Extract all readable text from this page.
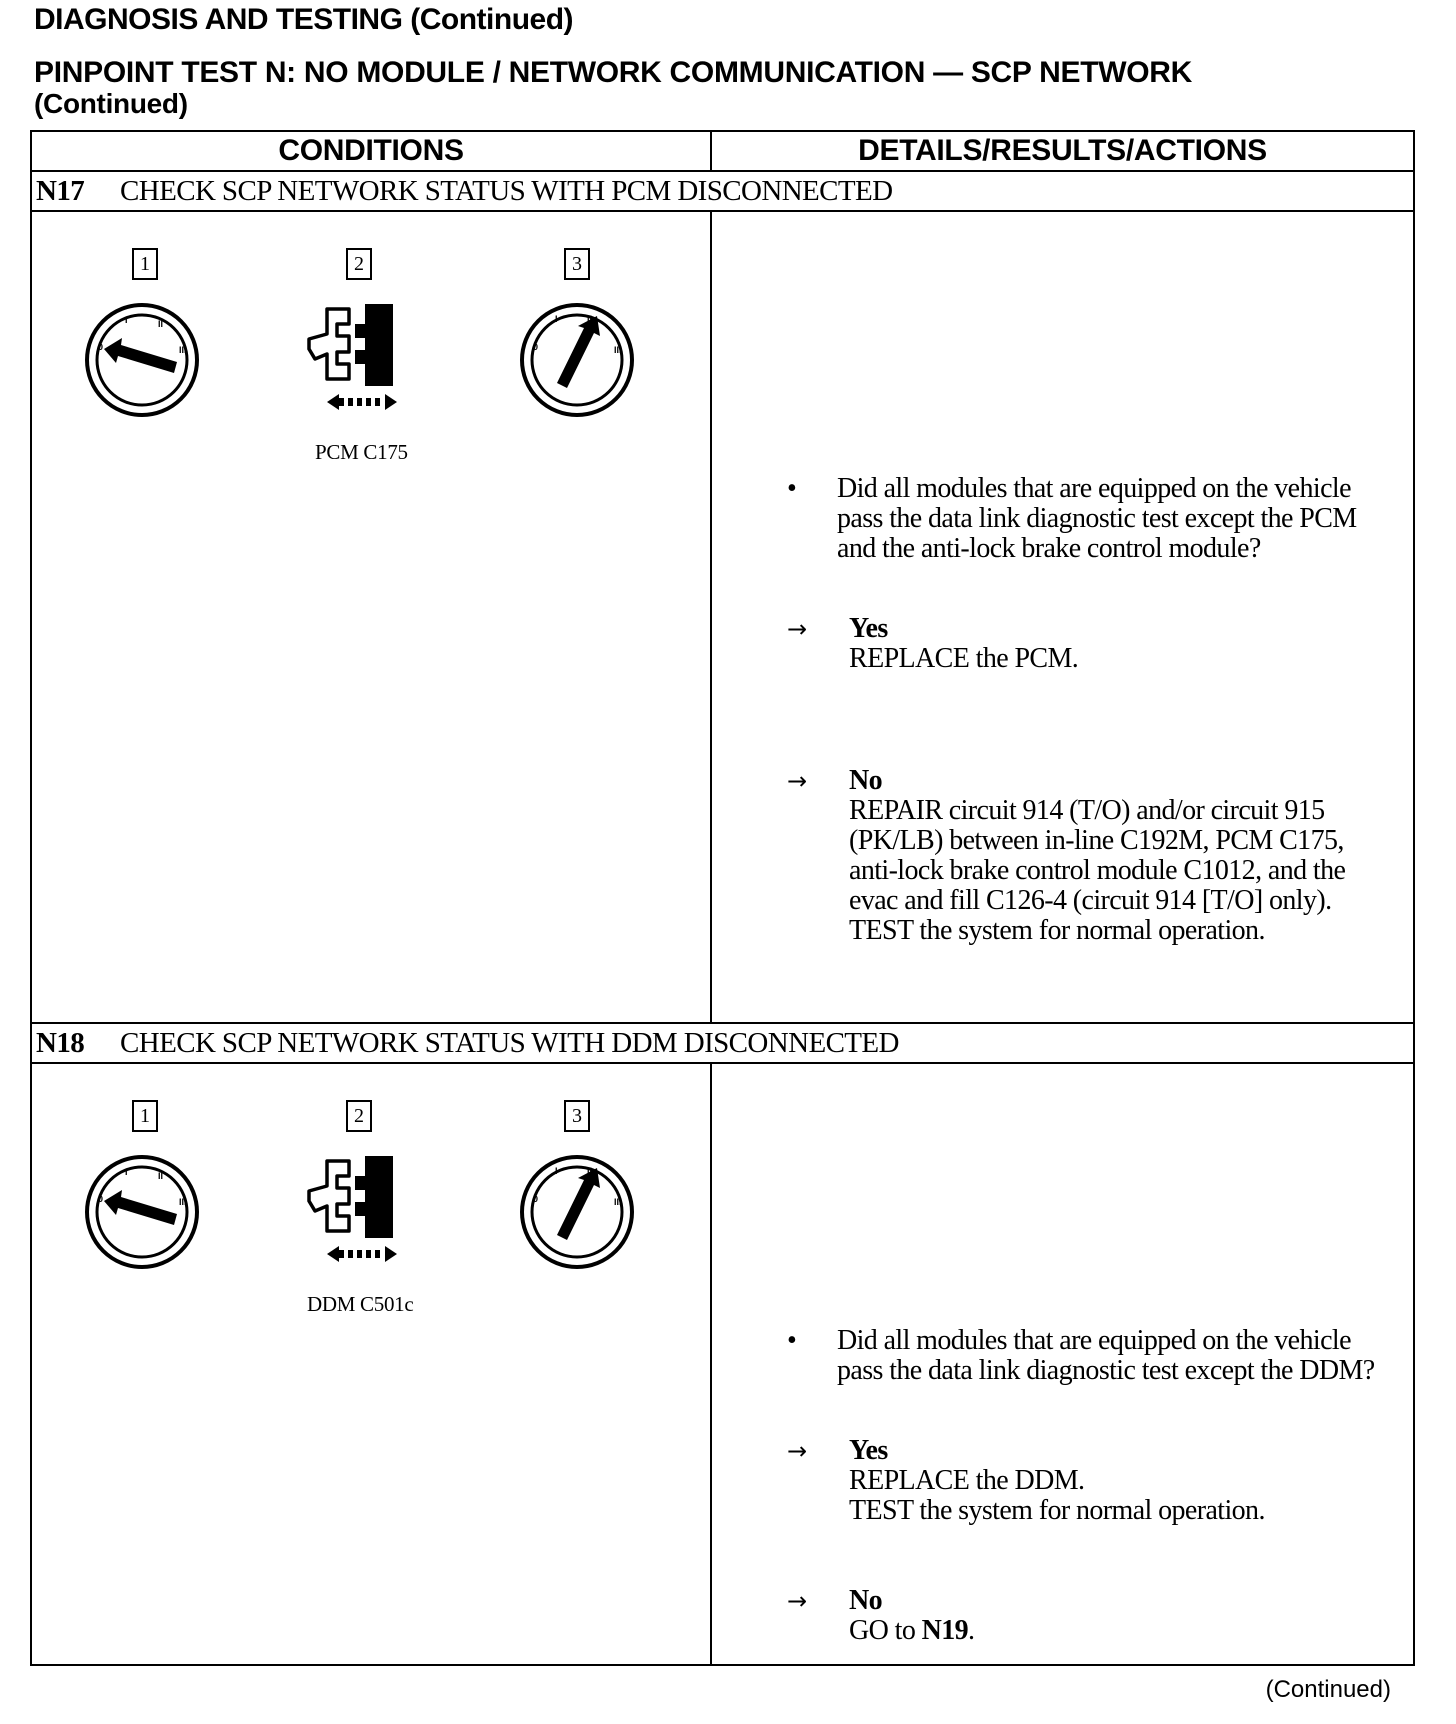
DIAGNOSIS AND TESTING (Continued)
PINPOINT TEST N: NO MODULE / NETWORK COMMUNICATION — SCP NETWORK
(Continued)
CONDITIONS	DETAILS/RESULTS/ACTIONS
N17	CHECK SCP NETWORK STATUS WITH PCM DISCONNECTED
1	2	3
PCM C175
• Did all modules that are equipped on the vehicle pass the data link diagnostic test except the PCM and the anti-lock brake control module?
→ Yes
REPLACE the PCM.
→ No
REPAIR circuit 914 (T/O) and/or circuit 915 (PK/LB) between in-line C192M, PCM C175, anti-lock brake control module C1012, and the evac and fill C126-4 (circuit 914 [T/O] only). TEST the system for normal operation.
N18	CHECK SCP NETWORK STATUS WITH DDM DISCONNECTED
1	2	3
DDM C501c
• Did all modules that are equipped on the vehicle pass the data link diagnostic test except the DDM?
→ Yes
REPLACE the DDM.
TEST the system for normal operation.
→ No
GO to N19.
(Continued)
